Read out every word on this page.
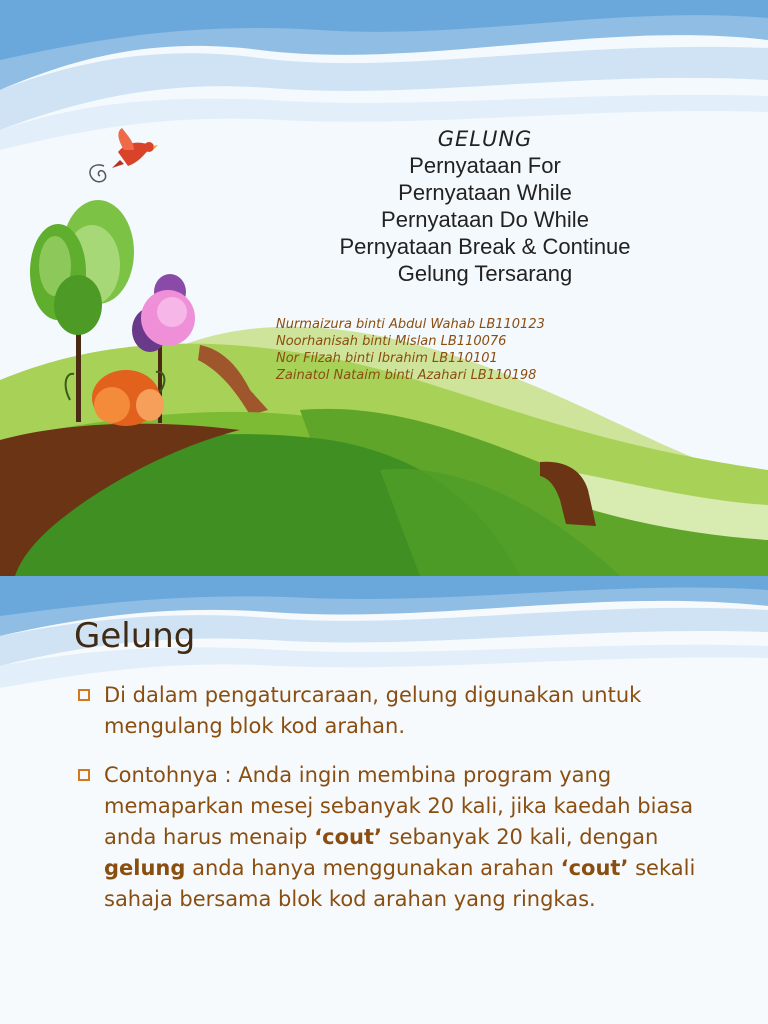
GELUNG
Pernyataan For
Pernyataan While
Pernyataan Do While
Pernyataan Break & Continue
Gelung Tersarang
Nurmaizura binti Abdul Wahab LB110123
Noorhanisah binti Mislan LB110076
Nor Filzah binti Ibrahim LB110101
Zainatol Nataim binti Azahari LB110198
Gelung
Di dalam pengaturcaraan, gelung digunakan untuk mengulang blok kod arahan.
Contohnya : Anda ingin membina program yang memaparkan mesej sebanyak 20 kali, jika kaedah biasa anda harus menaip ‘cout’ sebanyak 20 kali, dengan gelung anda hanya menggunakan arahan ‘cout’ sekali sahaja bersama blok kod arahan yang ringkas.
